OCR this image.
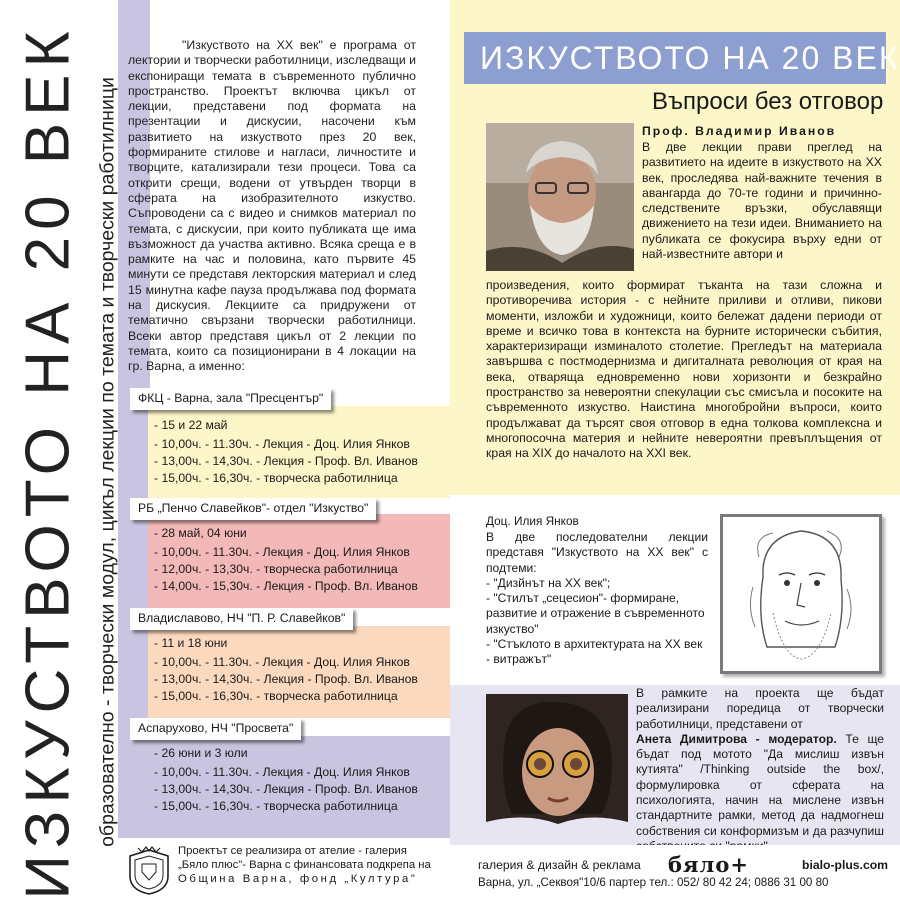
ИЗКУСТВОТО НА 20 ВЕК образователно - творчески модул, цикъл лекции по темата и творчески работилници
"Изкуството на XX век" е програма от лектории и творчески работилници, изследващи и експониращи темата в съвременното публично пространство. Проектът включва цикъл от лекции, представени под формата на презентации и дискусии, насочени към развитието на изкуството през 20 век, формираните стилове и нагласи, личностите и творците, катализирали тези процеси. Това са открити срещи, водени от утвърден творци в сферата на изобразителното изкуство. Съпроводени са с видео и снимков материал по темата, с дискусии, при които публиката ще има възможност да участва активно. Всяка среща е в рамките на час и половина, като първите 45 минути се представя лекторския материал и след 15 минутна кафе пауза продължава под формата на дискусия. Лекциите са придружени от тематично свързани творчески работилници. Всеки автор представя цикъл от 2 лекции по темата, които са позиционирани в 4 локации на гр. Варна, а именно:
ФКЦ - Варна, зала "Пресцентър"
- 15 и 22 май
- 10,00ч. - 11.30ч. - Лекция - Доц. Илия Янков
- 13,00ч. - 14,30ч. - Лекция - Проф. Вл. Иванов
- 15,00ч. - 16,30ч. - творческа работилница
РБ „Пенчо Славейков"- отдел "Изкуство"
- 28 май, 04 юни
- 10,00ч. - 11.30ч. - Лекция - Доц. Илия Янков
- 12,00ч. - 13,30ч. - творческа работилница
- 14,00ч. - 15,30ч. - Лекция - Проф. Вл. Иванов
Владиславово, НЧ "П. Р. Славейков"
- 11 и 18 юни
- 10,00ч. - 11.30ч. - Лекция - Доц. Илия Янков
- 13,00ч. - 14,30ч. - Лекция - Проф. Вл. Иванов
- 15,00ч. - 16,30ч. - творческа работилница
Аспарухово, НЧ "Просвета"
- 26 юни и 3 юли
- 10,00ч. - 11.30ч. - Лекция - Доц. Илия Янков
- 13,00ч. - 14,30ч. - Лекция - Проф. Вл. Иванов
- 15,00ч. - 16,30ч. - творческа работилница
Проектът се реализира от ателие - галерия
„Бяло плюс"- Варна с финансовата подкрепа на
Община Варна, фонд „Култура"
ИЗКУСТВОТО НА 20 ВЕК
Въпроси без отговор
Проф. Владимир Иванов
В две лекции прави преглед на развитието на идеите в изкуството на XX век, проследявa най-важните течения в авангарда до 70-те години и причинно-следствените връзки, обуславящи движението на тези идеи. Вниманието на публиката се фокусира върху едни от най-известните автори и
произведения, които формират тъканта на тази сложна и противоречива история - с нейните приливи и отливи, пикови моменти, изложби и художници, които бележат дадени периоди от време и всичко това в контекста на бурните исторически събития, характеризиращи изминалото столетие. Прегледът на материала завършва с постмодернизма и дигиталната революция от края на века, отваряща едновременно нови хоризонти и безкрайно пространство за невероятни спекулации със смисъла и посоките на съвременното изкуство. Наистина многобройни въпроси, които продължават да търсят своя отговор в една толкова комплексна и многопосочна материя и нейните невероятни превъплъщения от края на XIX до началото на XXI век.
Доц. Илия Янков
В две последователни лекции представя "Изкуството на XX век" с подтеми:
- "Дизйнът на XX век";
- "Стилът „сецесион"- формиране, развитие и отражение в съвременното изкуство"
- "Стъклото в архитектурата на XX век - витражът"
В рамките на проекта ще бъдат реализирани поредица от творчески работилници, представени от
Анета Димитрова - модератор. Те ще бъдат под мотото "Да мислиш извън кутията" /Thinking outside the box/, формулировка от сферата на психологията, начин на мислене извън стандартните рамки, метод да надмогнеш собствения си конформизъм и да разчупиш
галерия & дизайн & реклама бяло+	bialo-plus.com
Варна, ул. „Секвоя"10/6 партер тел.: 052/ 80 42 24; 0886 31 00 80
